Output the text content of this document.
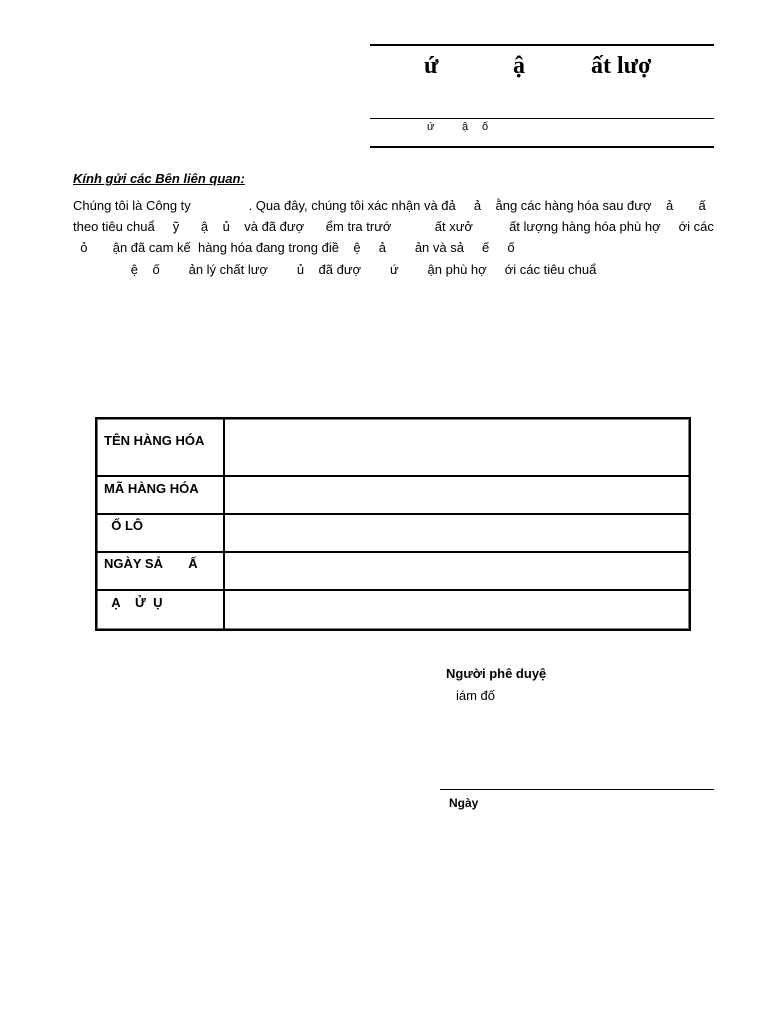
ứ	ậ	ất lượ
ứ	ậ ố
Kính gửi các Bên liên quan:
Chúng tôi là Công ty                . Qua đây, chúng tôi xác nhận và đả     ả    ằng các hàng hóa sau đượ    ả       ấ
theo tiêu chuẩ     ỹ      ậ    ủ    và đã đượ      ểm tra trướ            ất xưở          ất lượng hàng hóa phù hợ     ới các
ỏ       ận đã cam kế  hàng hóa đang trong điề    ệ     ả        ản và sả     ế     ố
ệ    ố        ản lý chất lượ        ủ    đã đượ        ứ        ận phù hợ     ới các tiêu chuẩ
TÊN HÀNG HÓA	
MÃ HÀNG HÓA	
Ố LÔ	
NGÀY SẢ       Ấ	
Ạ    Ử  Ụ	
Người phê duyệ
iám đố
Ngày
